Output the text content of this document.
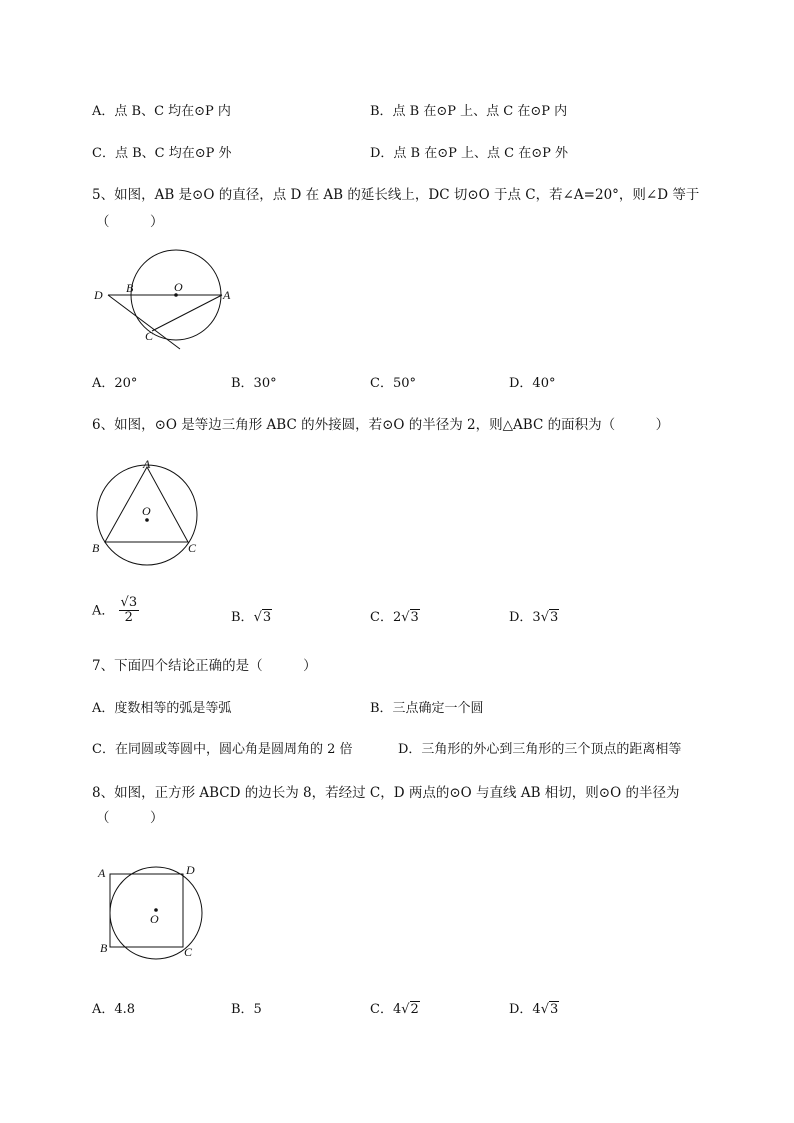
A．点 B、C 均在⊙P 内	B．点 B 在⊙P 上、点 C 在⊙P 内
C．点 B、C 均在⊙P 外	D．点 B 在⊙P 上、点 C 在⊙P 外
5、如图，AB 是⊙O 的直径，点 D 在 AB 的延长线上，DC 切⊙O 于点 C，若∠A=20°，则∠D 等于
（　　　）
D B	O
A
C
A．20°	B．30°	C．50°	D．40°
6、如图，⊙O 是等边三角形 ABC 的外接圆，若⊙O 的半径为 2，则△ABC 的面积为（　　　）
A
O
B	C
A． $\frac{√3}{2}$	B．√3	C．2√3	D．3√3
7、下面四个结论正确的是（　　　）
A．度数相等的弧是等弧	B．三点确定一个圆
C．在同圆或等圆中，圆心角是圆周角的 2 倍	D．三角形的外心到三角形的三个顶点的距离相等
8、如图，正方形 ABCD 的边长为 8，若经过 C，D 两点的⊙O 与直线 AB 相切，则⊙O 的半径为
（　　　）
A	D
O
B	C
A．4.8	B．5	C．4√2	D．4√3
